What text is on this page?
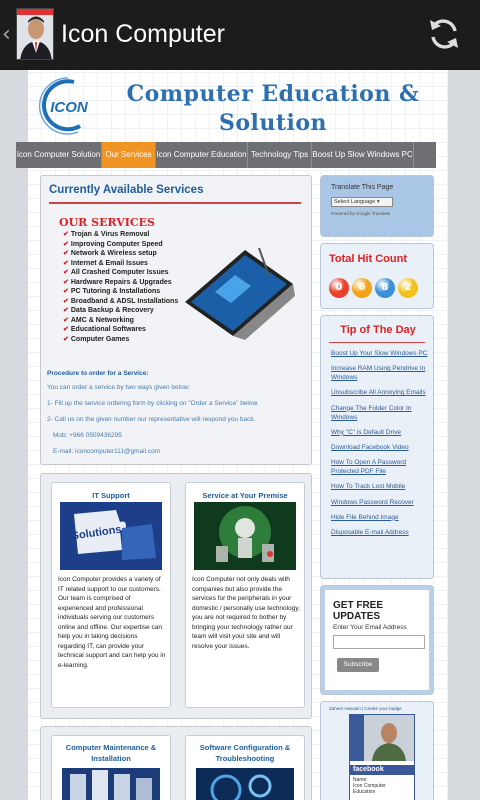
‹ Icon Computer
ICON
Computer Education & Solution
Icon Computer Solution Our Services Icon Computer Education Technology Tips Boost Up Slow Windows PC
Currently Available Services
OUR SERVICES
✔ Trojan & Virus Removal
✔ Improving Computer Speed
✔ Network & Wireless setup
✔ Internet & Email Issues
✔ All Crashed Computer Issues
✔ Hardware Repairs & Upgrades
✔ PC Tutoring & Installations
✔ Broadband & ADSL Installations
✔ Data Backup & Recovery
✔ AMC & Networking
✔ Educational Softwares
✔ Computer Games
Procedure to order for a Service:
You can order a service by two ways given below:
1- Fill up the service ordering form by clicking on "Order a Service" below.
2- Call us on the given number our representative will respond you back.
Mob: +966 0509436295
E-mail: iconcomputer111@gmail.com
IT Support
Solutions

Icon Computer provides a variety of IT related support to our customers. Our team is comprised of experienced and professional individuals serving our customers online and offline. Our expertise can help you in taking decisions regarding IT, can provide your technical support and can help you in e-learning.

Service at Your Premise

Icon Computer not only deals with companies but also provide the services for the peripherals in your domestic / personally use technology, you are not required to bother by bringing your technology rather our team will visit your site and will resolve your issues.

Computer Maintenance & Installation
Software Configuration & Troubleshooting
Translate This Page
Select Language ▾
Powered by Google Translate
Total Hit Count
0	6	8	2
Tip of The Day
Boost Up Your Slow Windows PC
Increase RAM Using Pendrive In Windows
Unsubscribe All Annoying Emails
Change The Folder Color In Windows
Why "C" is Default Drive
Download Facebook Video
How To Open A Password Protected PDF File
How To Track Lost Mobile
Windows Password Recover
Hide File Behind Image
Disposable E-mail Address
GET FREE UPDATES
Enter Your Email Address
Subscribe
Zaheer Hussain | Create your badge
facebook
Name:
Icon Computer
Education
